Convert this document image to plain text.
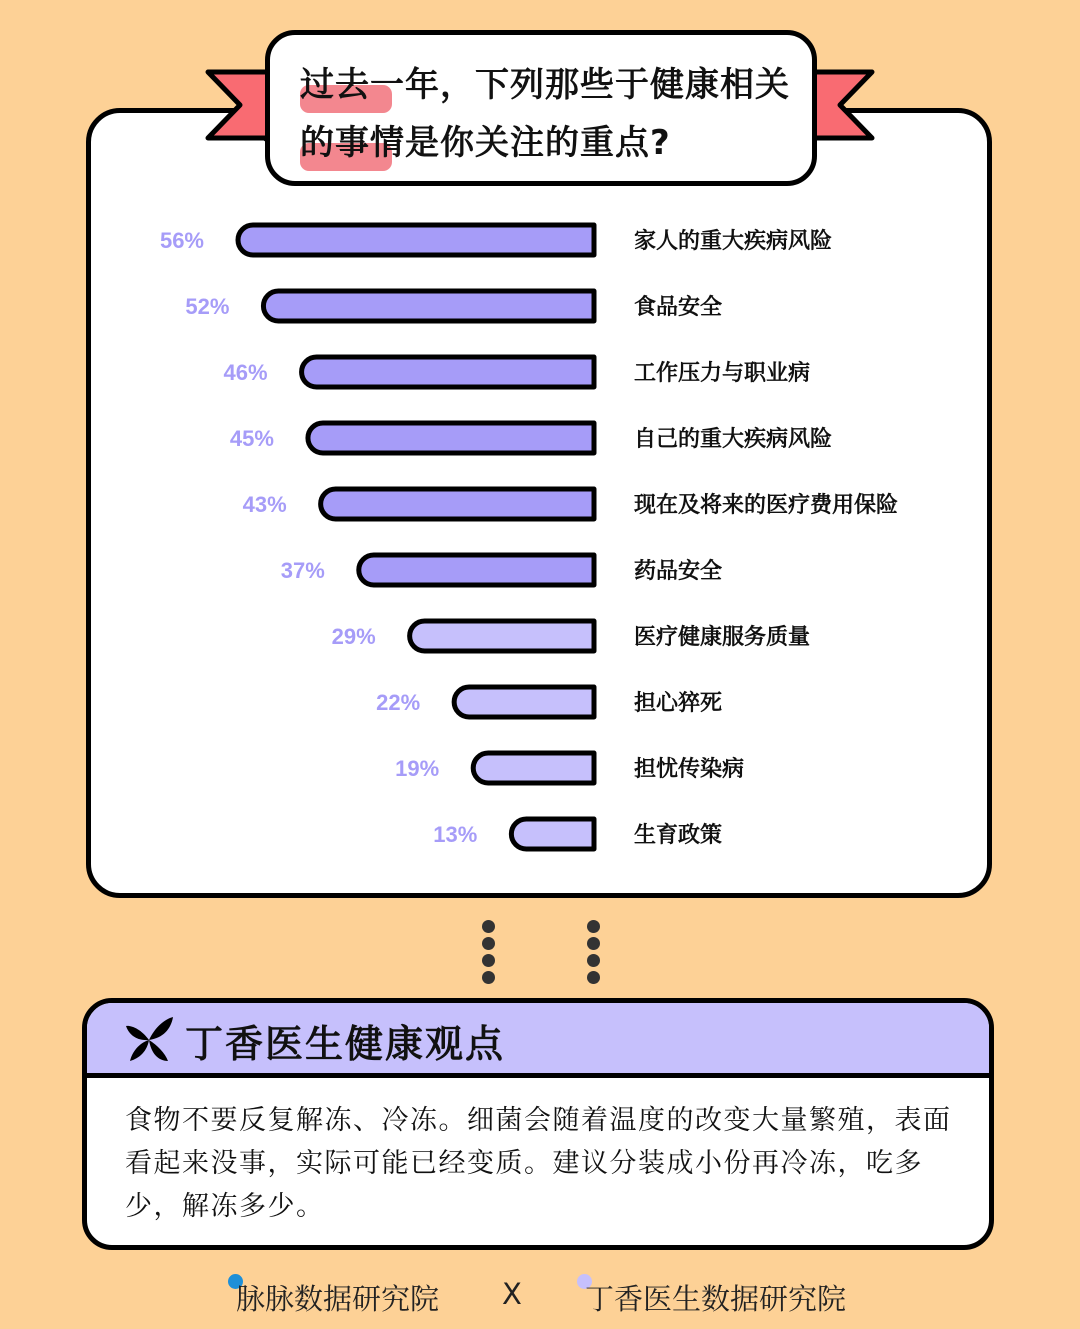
过去一年，下列那些于健康相关
的事情是你关注的重点?
56%	家人的重大疾病风险
52%	食品安全
46%	工作压力与职业病
45%	自己的重大疾病风险
43%	现在及将来的医疗费用保险
37%	药品安全
29%	医疗健康服务质量
22%	担心猝死
19%	担忧传染病
13%	生育政策
丁香医生健康观点
食物不要反复解冻、冷冻。细菌会随着温度的改变大量繁殖，表面看起来没事，实际可能已经变质。建议分装成小份再冷冻，吃多少，解冻多少。
脉脉数据研究院 X 丁香医生数据研究院
